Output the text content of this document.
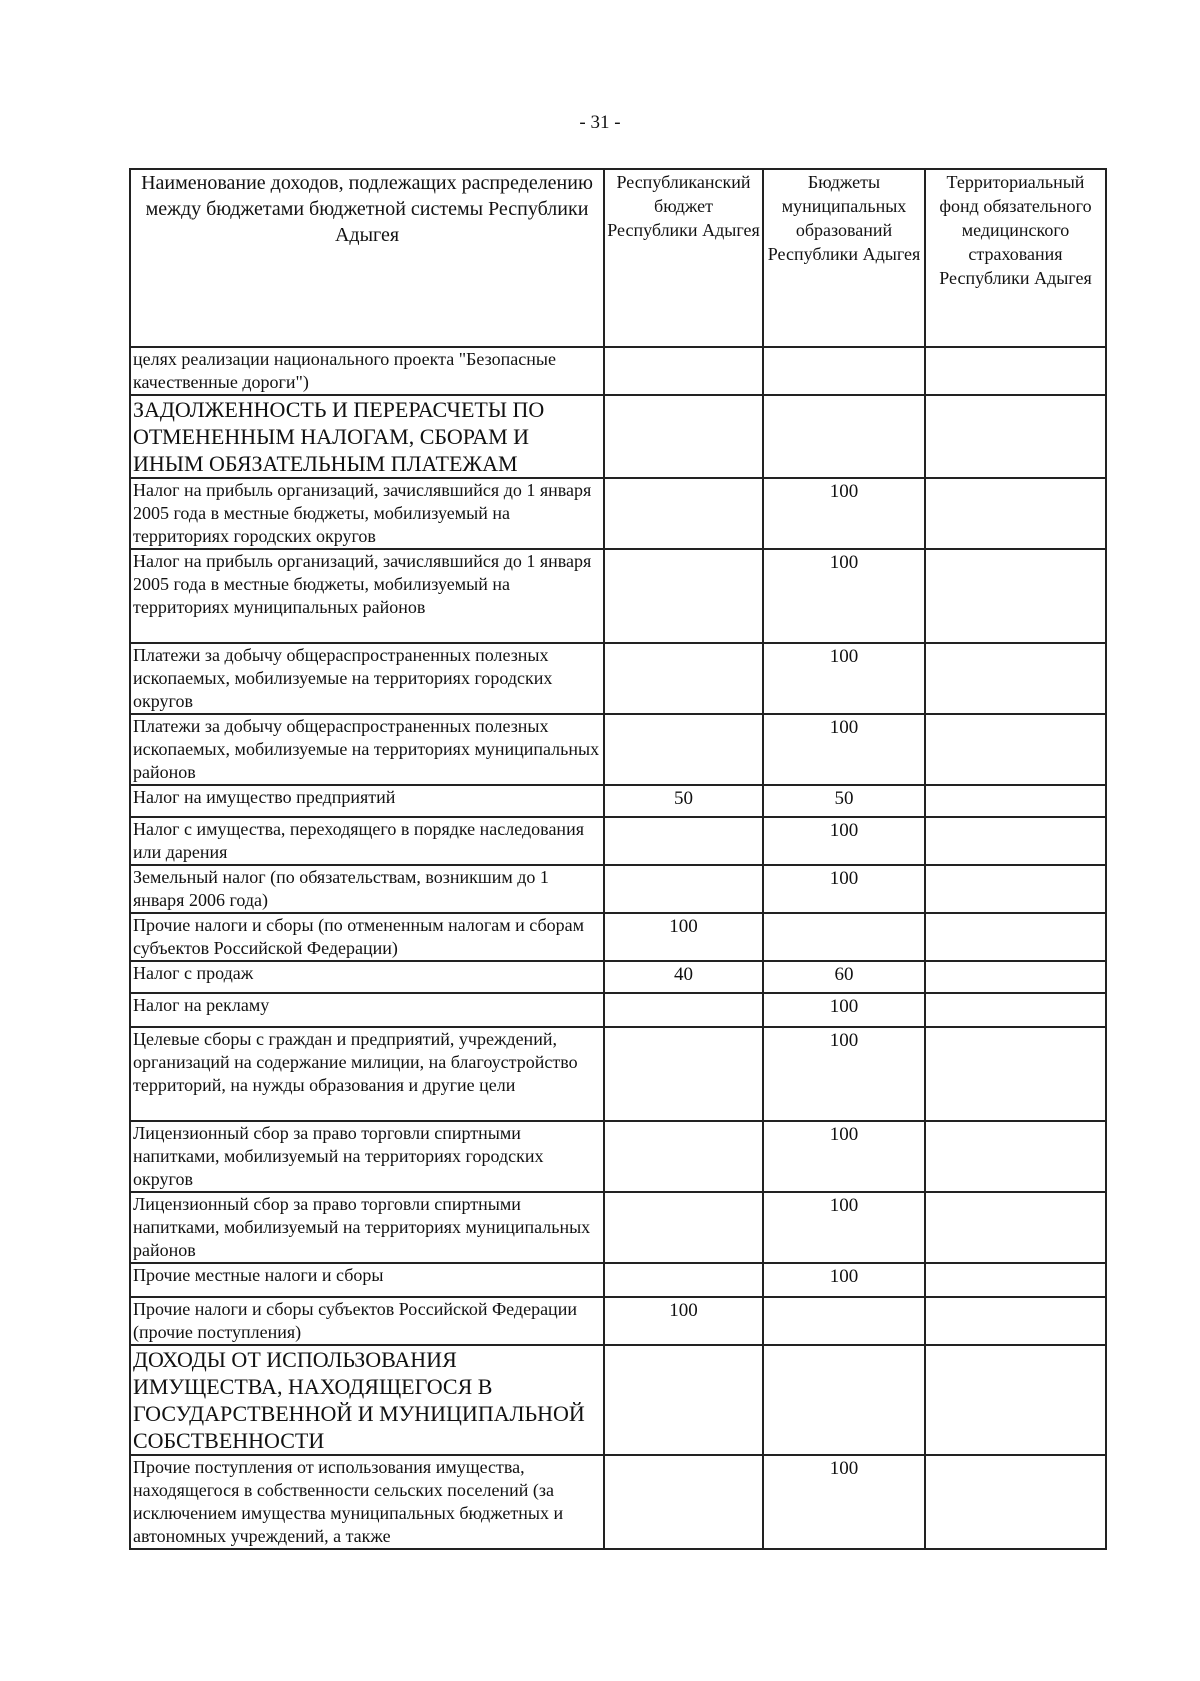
- 31 -
Наименование доходов, подлежащих распределению между бюджетами бюджетной системы Республики Адыгея	Республиканский бюджет Республики Адыгея	Бюджеты муниципальных образований Республики Адыгея	Территориальный фонд обязательного медицинского страхования Республики Адыгея
целях реализации национального проекта "Безопасные качественные дороги")			
ЗАДОЛЖЕННОСТЬ И ПЕРЕРАСЧЕТЫ ПО ОТМЕНЕННЫМ НАЛОГАМ, СБОРАМ И ИНЫМ ОБЯЗАТЕЛЬНЫМ ПЛАТЕЖАМ			
Налог на прибыль организаций, зачислявшийся до 1 января 2005 года в местные бюджеты, мобилизуемый на территориях городских округов		100	
Налог на прибыль организаций, зачислявшийся до 1 января 2005 года в местные бюджеты, мобилизуемый на территориях муниципальных районов		100	
Платежи за добычу общераспространенных полезных ископаемых, мобилизуемые на территориях городских округов		100	
Платежи за добычу общераспространенных полезных ископаемых, мобилизуемые на территориях муниципальных районов		100	
Налог на имущество предприятий	50	50	
Налог с имущества, переходящего в порядке наследования или дарения		100	
Земельный налог (по обязательствам, возникшим до 1 января 2006 года)		100	
Прочие налоги и сборы (по отмененным налогам и сборам субъектов Российской Федерации)	100		
Налог с продаж	40	60	
Налог на рекламу		100	
Целевые сборы с граждан и предприятий, учреждений, организаций на содержание милиции, на благоустройство территорий, на нужды образования и другие цели		100	
Лицензионный сбор за право торговли спиртными напитками, мобилизуемый на территориях городских округов		100	
Лицензионный сбор за право торговли спиртными напитками, мобилизуемый на территориях муниципальных районов		100	
Прочие местные налоги и сборы		100	
Прочие налоги и сборы субъектов Российской Федерации (прочие поступления)	100		
ДОХОДЫ ОТ ИСПОЛЬЗОВАНИЯ ИМУЩЕСТВА, НАХОДЯЩЕГОСЯ В ГОСУДАРСТВЕННОЙ И МУНИЦИПАЛЬНОЙ СОБСТВЕННОСТИ			
Прочие поступления от использования имущества, находящегося в собственности сельских поселений (за исключением имущества муниципальных бюджетных и автономных учреждений, а также		100	
